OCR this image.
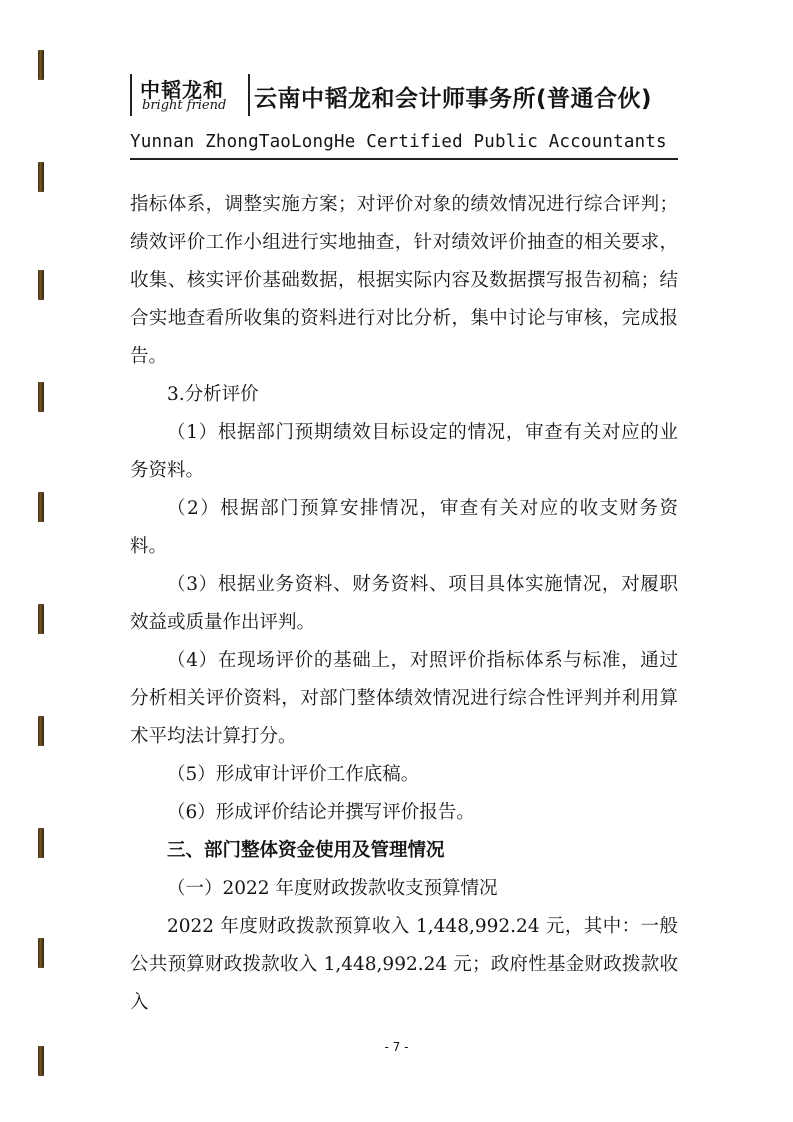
中韬龙和
bright friend 云南中韬龙和会计师事务所(普通合伙)
Yunnan ZhongTaoLongHe Certified Public Accountants

指标体系，调整实施方案；对评价对象的绩效情况进行综合评判；绩效评价工作小组进行实地抽查，针对绩效评价抽查的相关要求，收集、核实评价基础数据，根据实际内容及数据撰写报告初稿；结合实地查看所收集的资料进行对比分析，集中讨论与审核，完成报告。

3.分析评价

（1）根据部门预期绩效目标设定的情况，审查有关对应的业务资料。

（2）根据部门预算安排情况，审查有关对应的收支财务资料。

（3）根据业务资料、财务资料、项目具体实施情况，对履职效益或质量作出评判。

（4）在现场评价的基础上，对照评价指标体系与标准，通过分析相关评价资料，对部门整体绩效情况进行综合性评判并利用算术平均法计算打分。

（5）形成审计评价工作底稿。

（6）形成评价结论并撰写评价报告。

三、部门整体资金使用及管理情况

（一）2022 年度财政拨款收支预算情况

2022 年度财政拨款预算收入 1,448,992.24 元，其中：一般公共预算财政拨款收入 1,448,992.24 元；政府性基金财政拨款收入

- 7 -
